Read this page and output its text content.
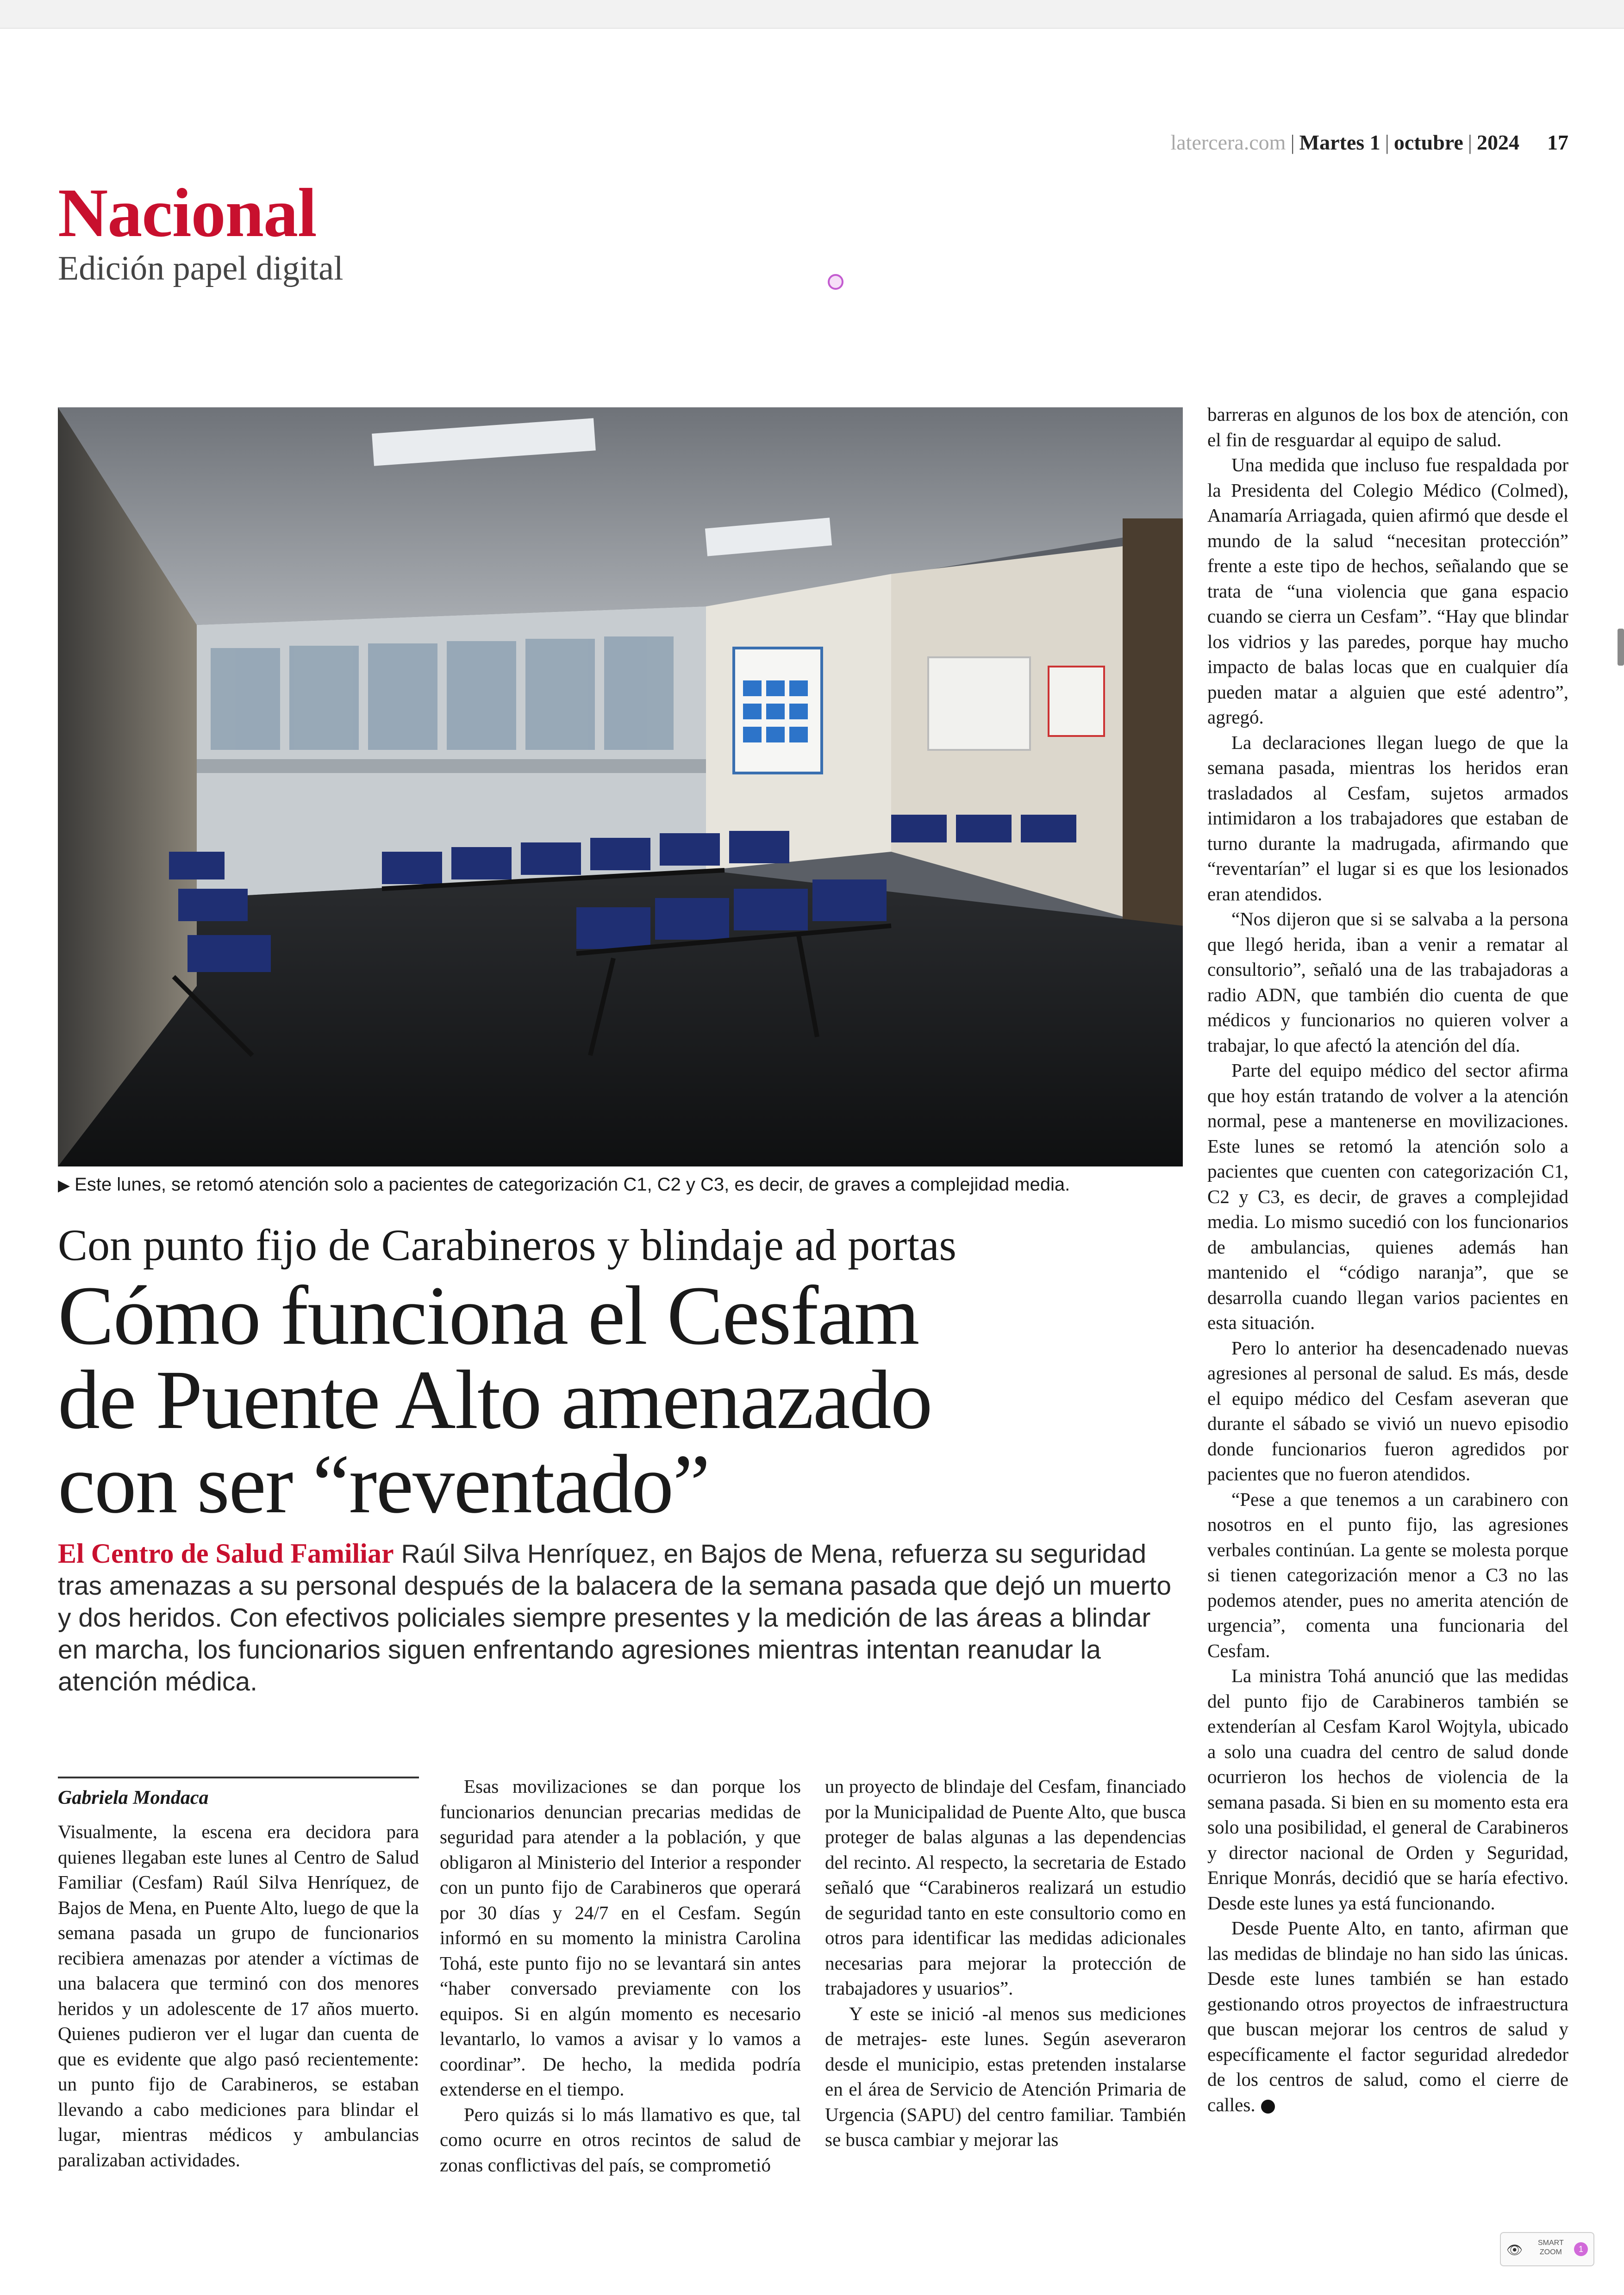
latercera.com | Martes 1 | octubre | 2024 17
Nacional
Edición papel digital
▶ Este lunes, se retomó atención solo a pacientes de categorización C1, C2 y C3, es decir, de graves a complejidad media.
Con punto fijo de Carabineros y blindaje ad portas
Cómo funciona el Cesfam
de Puente Alto amenazado
con ser “reventado”
El Centro de Salud Familiar Raúl Silva Henríquez, en Bajos de Mena, refuerza su seguridad tras amenazas a su personal después de la balacera de la semana pasada que dejó un muerto y dos heridos. Con efectivos policiales siempre presentes y la medición de las áreas a blindar en marcha, los funcionarios siguen enfrentando agresiones mientras intentan reanudar la atención médica.
Gabriela Mondaca

Visualmente, la escena era decidora para quienes llegaban este lunes al Centro de Salud Familiar (Cesfam) Raúl Silva Henríquez, de Bajos de Mena, en Puente Alto, luego de que la semana pasada un grupo de funcionarios recibiera amenazas por atender a víctimas de una balacera que terminó con dos menores heridos y un adolescente de 17 años muerto. Quienes pudieron ver el lugar dan cuenta de que es evidente que algo pasó recientemente: un punto fijo de Carabineros, se estaban llevando a cabo mediciones para blindar el lugar, mientras médicos y ambulancias paralizaban actividades.

Esas movilizaciones se dan porque los funcionarios denuncian precarias medidas de seguridad para atender a la población, y que obligaron al Ministerio del Interior a responder con un punto fijo de Carabineros que operará por 30 días y 24/7 en el Cesfam. Según informó en su momento la ministra Carolina Tohá, este punto fijo no se levantará sin antes “haber conversado previamente con los equipos. Si en algún momento es necesario levantarlo, lo vamos a avisar y lo vamos a coordinar”. De hecho, la medida podría extenderse en el tiempo.

Pero quizás si lo más llamativo es que, tal como ocurre en otros recintos de salud de zonas conflictivas del país, se comprometió

un proyecto de blindaje del Cesfam, financiado por la Municipalidad de Puente Alto, que busca proteger de balas algunas a las dependencias del recinto. Al respecto, la secretaria de Estado señaló que “Carabineros realizará un estudio de seguridad tanto en este consultorio como en otros para identificar las medidas adicionales necesarias para mejorar la protección de trabajadores y usuarios”.

Y este se inició -al menos sus mediciones de metrajes- este lunes. Según aseveraron desde el municipio, estas pretenden instalarse en el área de Servicio de Atención Primaria de Urgencia (SAPU) del centro familiar. También se busca cambiar y mejorar las

barreras en algunos de los box de atención, con el fin de resguardar al equipo de salud.

Una medida que incluso fue respaldada por la Presidenta del Colegio Médico (Colmed), Anamaría Arriagada, quien afirmó que desde el mundo de la salud “necesitan protección” frente a este tipo de hechos, señalando que se trata de “una violencia que gana espacio cuando se cierra un Cesfam”. “Hay que blindar los vidrios y las paredes, porque hay mucho impacto de balas locas que en cualquier día pueden matar a alguien que esté adentro”, agregó.

La declaraciones llegan luego de que la semana pasada, mientras los heridos eran trasladados al Cesfam, sujetos armados intimidaron a los trabajadores que estaban de turno durante la madrugada, afirmando que “reventarían” el lugar si es que los lesionados eran atendidos.

“Nos dijeron que si se salvaba a la persona que llegó herida, iban a venir a rematar al consultorio”, señaló una de las trabajadoras a radio ADN, que también dio cuenta de que médicos y funcionarios no quieren volver a trabajar, lo que afectó la atención del día.

Parte del equipo médico del sector afirma que hoy están tratando de volver a la atención normal, pese a mantenerse en movilizaciones. Este lunes se retomó la atención solo a pacientes que cuenten con categorización C1, C2 y C3, es decir, de graves a complejidad media. Lo mismo sucedió con los funcionarios de ambulancias, quienes además han mantenido el “código naranja”, que se desarrolla cuando llegan varios pacientes en esta situación.

Pero lo anterior ha desencadenado nuevas agresiones al personal de salud. Es más, desde el equipo médico del Cesfam aseveran que durante el sábado se vivió un nuevo episodio donde funcionarios fueron agredidos por pacientes que no fueron atendidos.

“Pese a que tenemos a un carabinero con nosotros en el punto fijo, las agresiones verbales continúan. La gente se molesta porque si tienen categorización menor a C3 no las podemos atender, pues no amerita atención de urgencia”, comenta una funcionaria del Cesfam.

La ministra Tohá anunció que las medidas del punto fijo de Carabineros también se extenderían al Cesfam Karol Wojtyla, ubicado a solo una cuadra del centro de salud donde ocurrieron los hechos de violencia de la semana pasada. Si bien en su momento esta era solo una posibilidad, el general de Carabineros y director nacional de Orden y Seguridad, Enrique Monrás, decidió que se haría efectivo. Desde este lunes ya está funcionando.

Desde Puente Alto, en tanto, afirman que las medidas de blindaje no han sido las únicas. Desde este lunes también se han estado gestionando otros proyectos de infraestructura que buscan mejorar los centros de salud y específicamente el factor seguridad alrededor de los centros de salud, como el cierre de calles.

👁 SMART
ZOOM	1
